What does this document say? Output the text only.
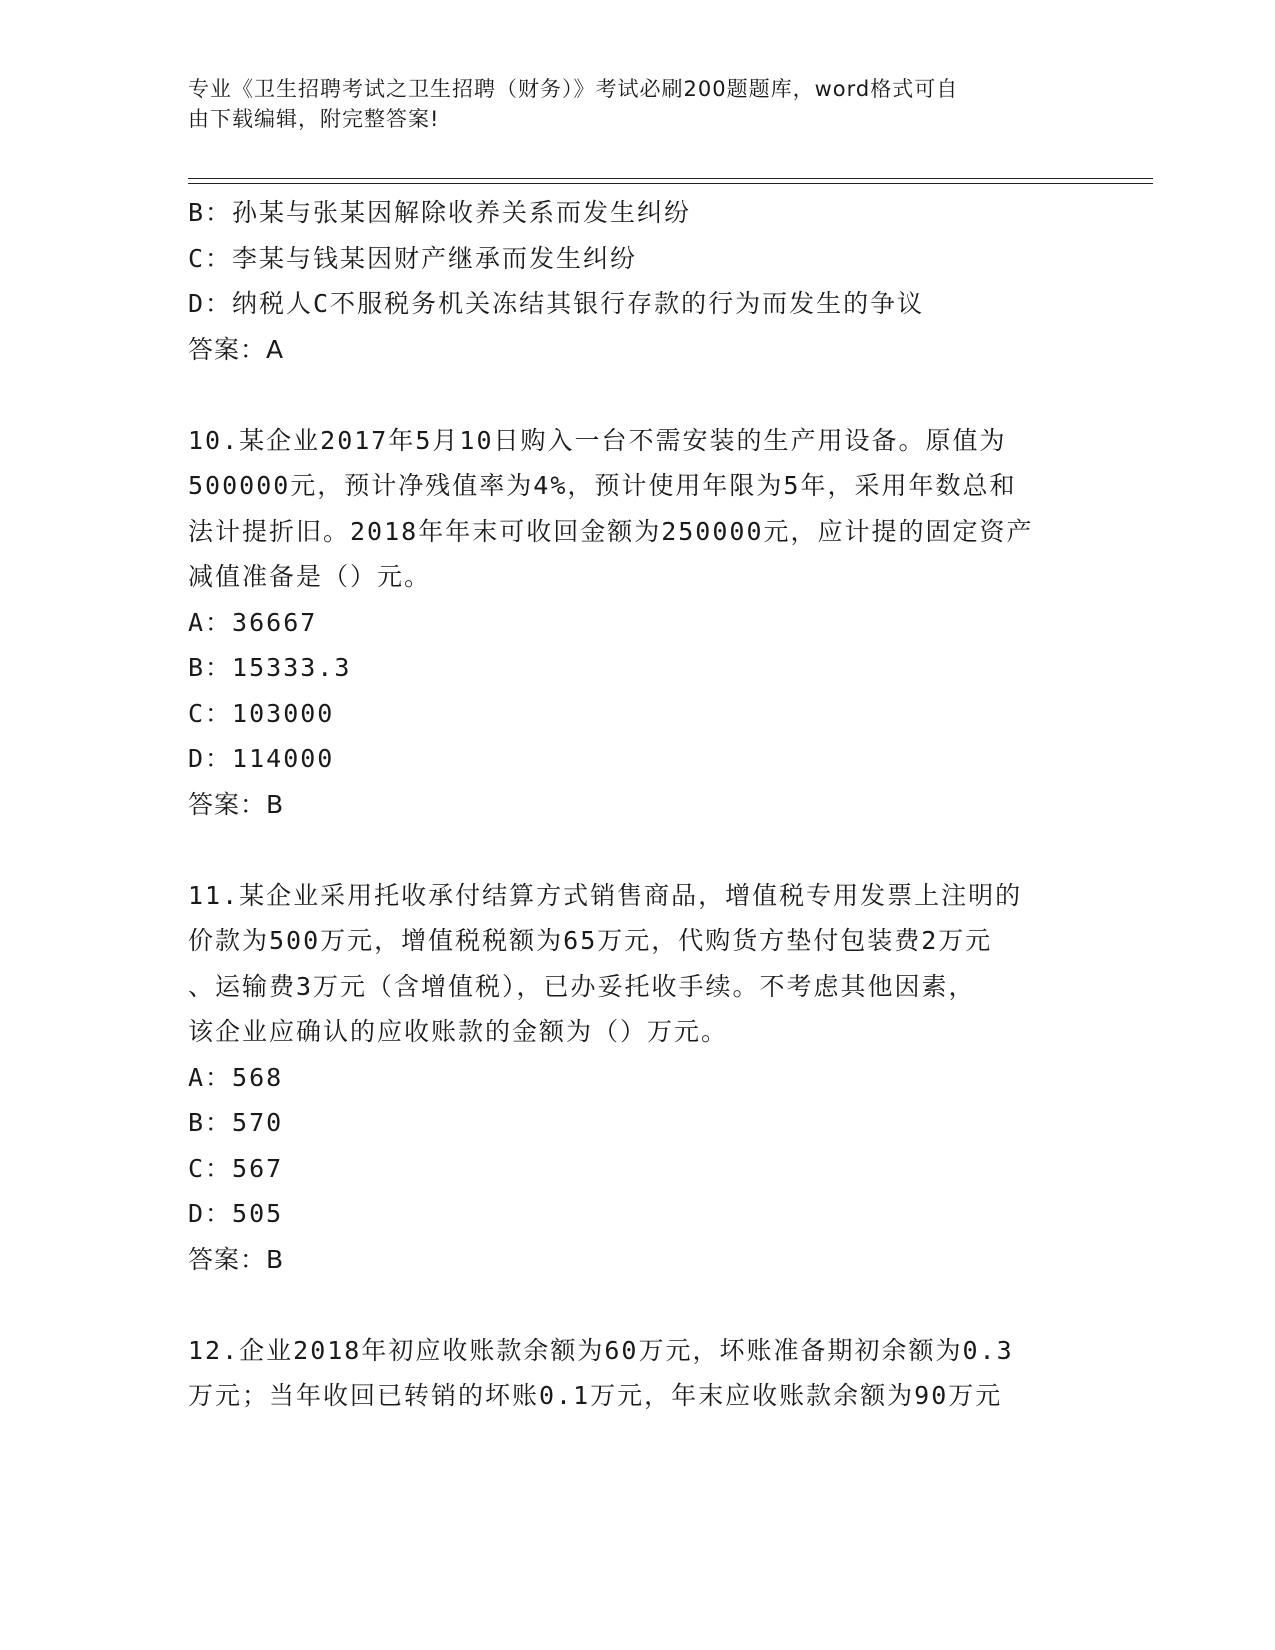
专业《卫生招聘考试之卫生招聘（财务）》考试必刷200题题库，word格式可自
由下载编辑，附完整答案!
B：孙某与张某因解除收养关系而发生纠纷
C：李某与钱某因财产继承而发生纠纷
D：纳税人C不服税务机关冻结其银行存款的行为而发生的争议
答案：A
10.某企业2017年5月10日购入一台不需安装的生产用设备。原值为
500000元，预计净残值率为4%，预计使用年限为5年，采用年数总和
法计提折旧。2018年年末可收回金额为250000元，应计提的固定资产
减值准备是（）元。
A：36667
B：15333.3
C：103000
D：114000
答案：B
11.某企业采用托收承付结算方式销售商品，增值税专用发票上注明的
价款为500万元，增值税税额为65万元，代购货方垫付包装费2万元
、运输费3万元（含增值税），已办妥托收手续。不考虑其他因素，
该企业应确认的应收账款的金额为（）万元。
A：568
B：570
C：567
D：505
答案：B
12.企业2018年初应收账款余额为60万元，坏账准备期初余额为0.3
万元；当年收回已转销的坏账0.1万元，年末应收账款余额为90万元
